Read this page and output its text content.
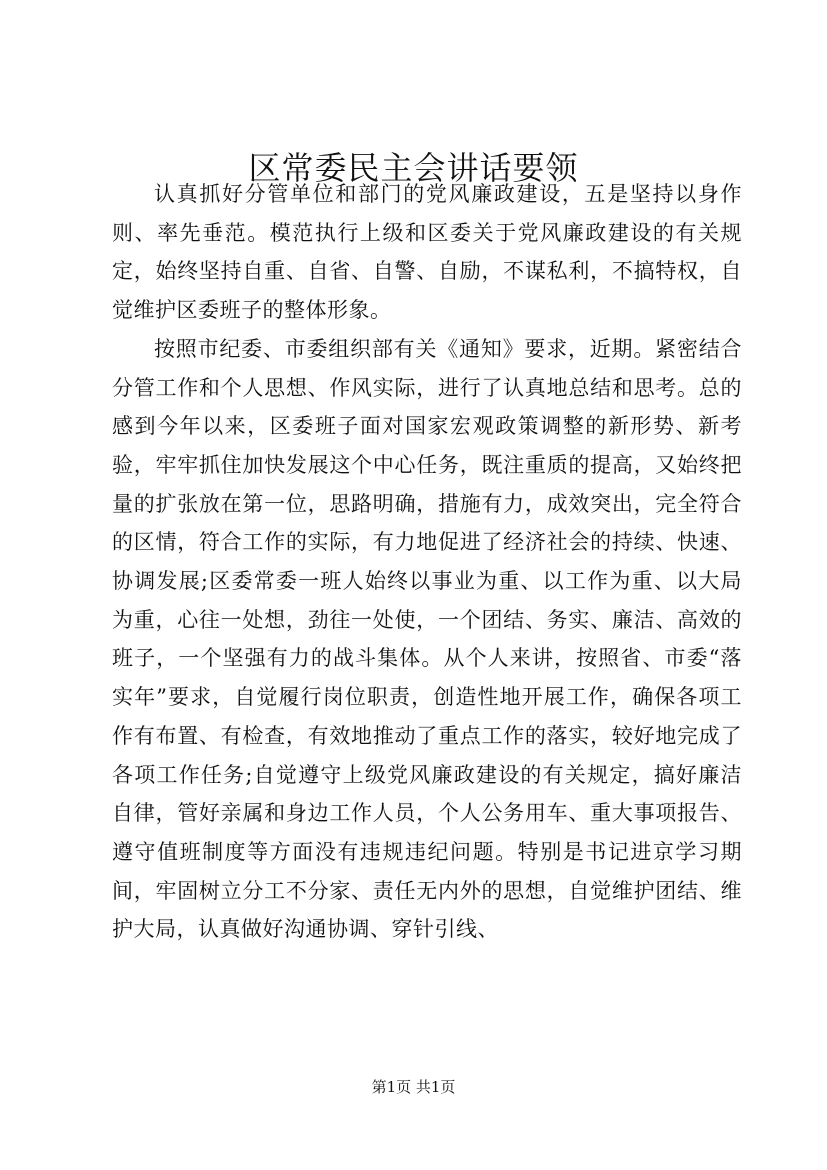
区常委民主会讲话要领

认真抓好分管单位和部门的党风廉政建设，五是坚持以身作则、率先垂范。模范执行上级和区委关于党风廉政建设的有关规定，始终坚持自重、自省、自警、自励，不谋私利，不搞特权，自觉维护区委班子的整体形象。

按照市纪委、市委组织部有关《通知》要求，近期。紧密结合分管工作和个人思想、作风实际，进行了认真地总结和思考。总的感到今年以来，区委班子面对国家宏观政策调整的新形势、新考验，牢牢抓住加快发展这个中心任务，既注重质的提高，又始终把量的扩张放在第一位，思路明确，措施有力，成效突出，完全符合的区情，符合工作的实际，有力地促进了经济社会的持续、快速、协调发展;区委常委一班人始终以事业为重、以工作为重、以大局为重，心往一处想，劲往一处使，一个团结、务实、廉洁、高效的班子，一个坚强有力的战斗集体。从个人来讲，按照省、市委“落实年”要求，自觉履行岗位职责，创造性地开展工作，确保各项工作有布置、有检查，有效地推动了重点工作的落实，较好地完成了各项工作任务;自觉遵守上级党风廉政建设的有关规定，搞好廉洁自律，管好亲属和身边工作人员，个人公务用车、重大事项报告、遵守值班制度等方面没有违规违纪问题。特别是书记进京学习期间，牢固树立分工不分家、责任无内外的思想，自觉维护团结、维护大局，认真做好沟通协调、穿针引线、

第1页 共1页
